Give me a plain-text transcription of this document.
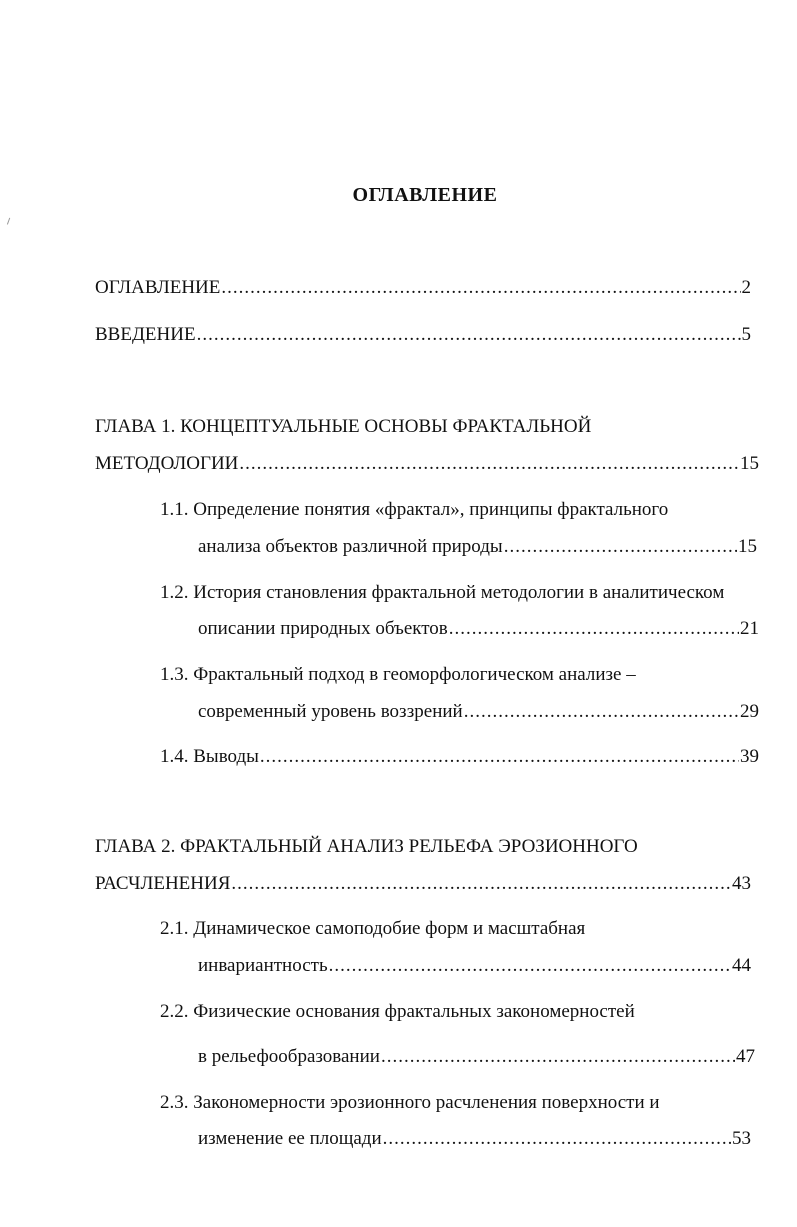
ОГЛАВЛЕНИЕ
ОГЛАВЛЕНИЕ .....	2
ВВЕДЕНИЕ .....	5
ГЛАВА 1. КОНЦЕПТУАЛЬНЫЕ ОСНОВЫ ФРАКТАЛЬНОЙ
МЕТОДОЛОГИИ .....	15
1.1. Определение понятия «фрактал», принципы фрактального
анализа объектов различной природы .....	15
1.2. История становления фрактальной методологии в аналитическом
описании природных объектов .....	21
1.3. Фрактальный подход в геоморфологическом анализе –
современный уровень воззрений .....	29
1.4. Выводы .....	39
ГЛАВА 2. ФРАКТАЛЬНЫЙ АНАЛИЗ РЕЛЬЕФА ЭРОЗИОННОГО
РАСЧЛЕНЕНИЯ .....	43
2.1. Динамическое самоподобие форм и масштабная
инвариантность .....	44
2.2. Физические основания фрактальных закономерностей
в рельефообразовании .....	47
2.3. Закономерности эрозионного расчленения поверхности и
изменение ее площади .....	53
